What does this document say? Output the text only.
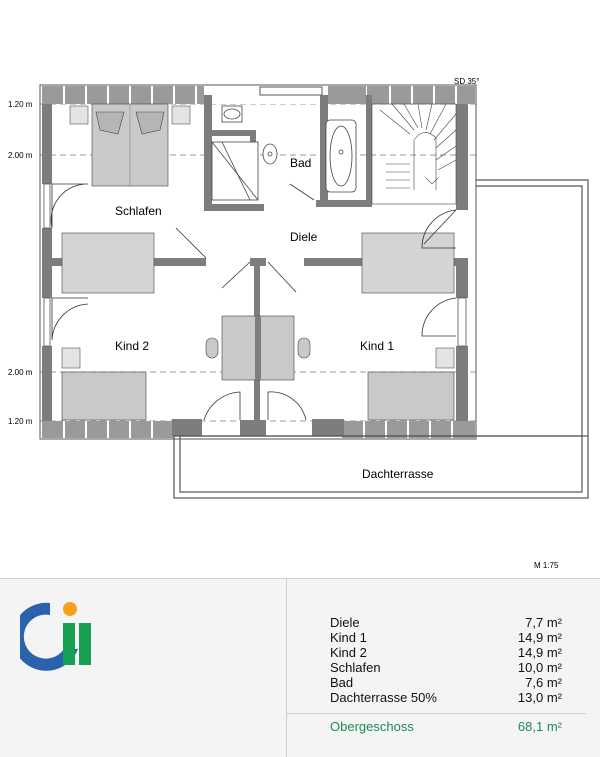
SD 35°
1.20 m
2.00 m
2.00 m
1.20 m
Schlafen
Bad
Diele
Kind 2	Kind 1
Dachterrasse
M 1:75
Diele	7,7 m²
Kind 1	14,9 m²
Kind 2	14,9 m²
Schlafen	10,0 m²
Bad	7,6 m²
Dachterrasse 50%	13,0 m²
Obergeschoss	68,1 m²
